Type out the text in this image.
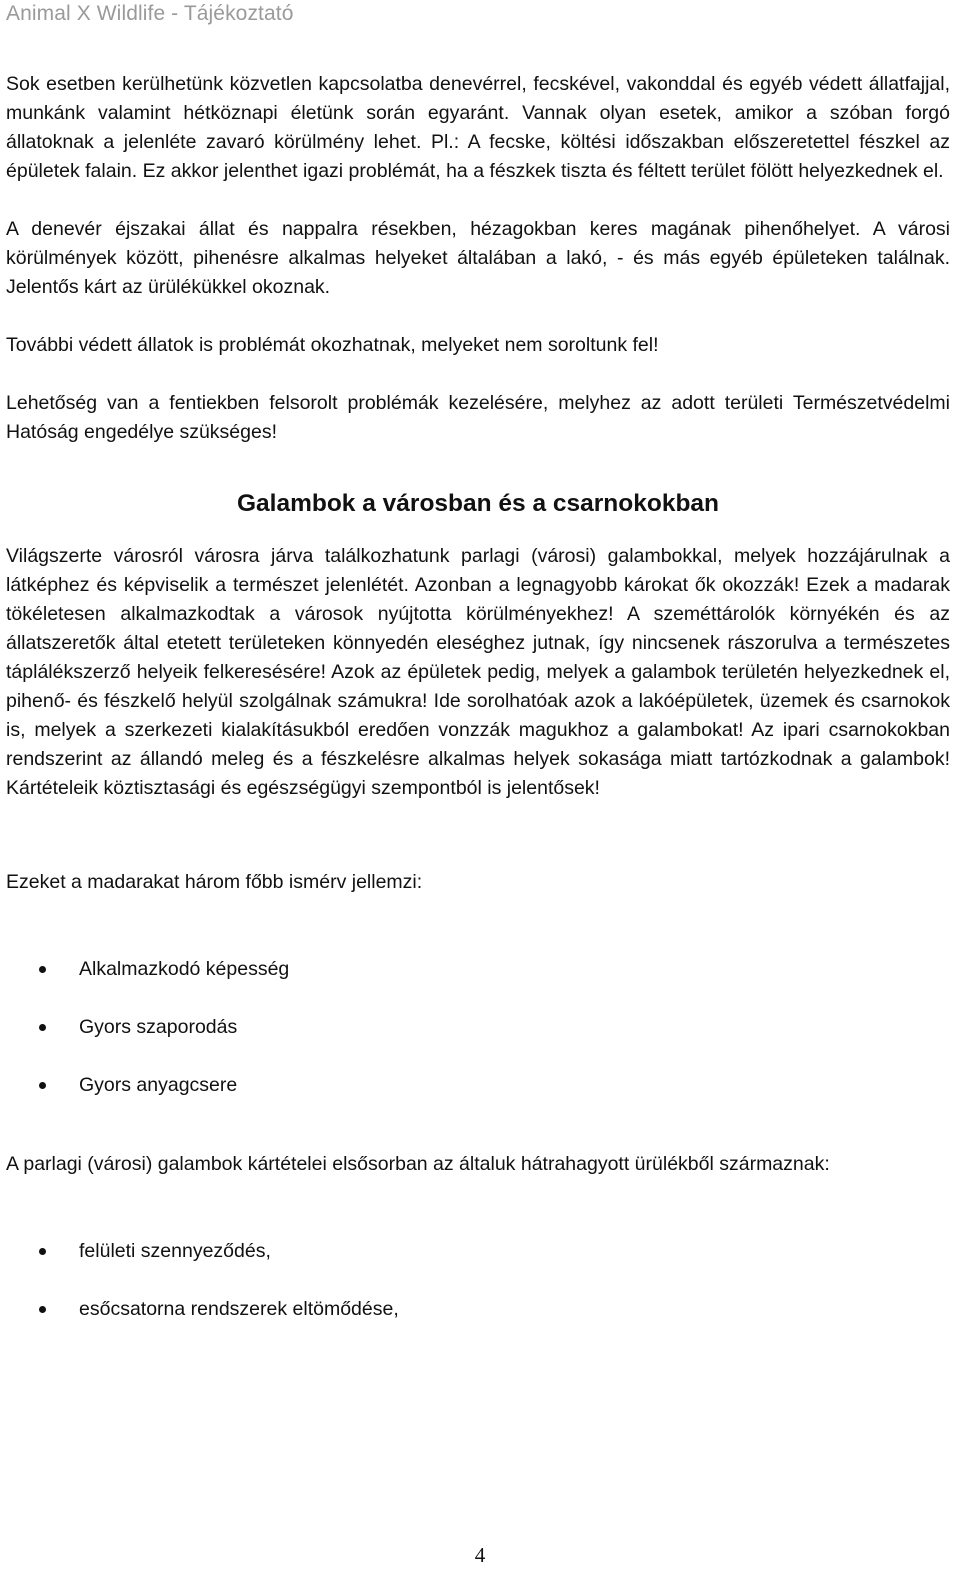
Animal X Wildlife - Tájékoztató

Sok esetben kerülhetünk közvetlen kapcsolatba denevérrel, fecskével, vakonddal és egyéb védett állatfajjal, munkánk valamint hétköznapi életünk során egyaránt. Vannak olyan esetek, amikor a szóban forgó állatoknak a jelenléte zavaró körülmény lehet. Pl.: A fecske, költési időszakban előszeretettel fészkel az épületek falain. Ez akkor jelenthet igazi problémát, ha a fészkek tiszta és féltett terület fölött helyezkednek el.

A denevér éjszakai állat és nappalra résekben, hézagokban keres magának pihenőhelyet. A városi körülmények között, pihenésre alkalmas helyeket általában a lakó, - és más egyéb épületeken találnak. Jelentős kárt az ürülékükkel okoznak.

További védett állatok is problémát okozhatnak, melyeket nem soroltunk fel!

Lehetőség van a fentiekben felsorolt problémák kezelésére, melyhez az adott területi Természetvédelmi Hatóság engedélye szükséges!

Galambok a városban és a csarnokokban

Világszerte városról városra járva találkozhatunk parlagi (városi) galambokkal, melyek hozzájárulnak a látképhez és képviselik a természet jelenlétét. Azonban a legnagyobb károkat ők okozzák! Ezek a madarak tökéletesen alkalmazkodtak a városok nyújtotta körülményekhez! A szeméttárolók környékén és az állatszeretők által etetett területeken könnyedén eleséghez jutnak, így nincsenek rászorulva a természetes táplálékszerző helyeik felkeresésére! Azok az épületek pedig, melyek a galambok területén helyezkednek el, pihenő- és fészkelő helyül szolgálnak számukra! Ide sorolhatóak azok a lakóépületek, üzemek és csarnokok is, melyek a szerkezeti kialakításukból eredően vonzzák magukhoz a galambokat! Az ipari csarnokokban rendszerint az állandó meleg és a fészkelésre alkalmas helyek sokasága miatt tartózkodnak a galambok! Kártételeik köztisztasági és egészségügyi szempontból is jelentősek!

Ezeket a madarakat három főbb ismérv jellemzi:

Alkalmazkodó képesség
Gyors szaporodás
Gyors anyagcsere

A parlagi (városi) galambok kártételei elsősorban az általuk hátrahagyott ürülékből származnak:

felületi szennyeződés,
esőcsatorna rendszerek eltömődése,
4
